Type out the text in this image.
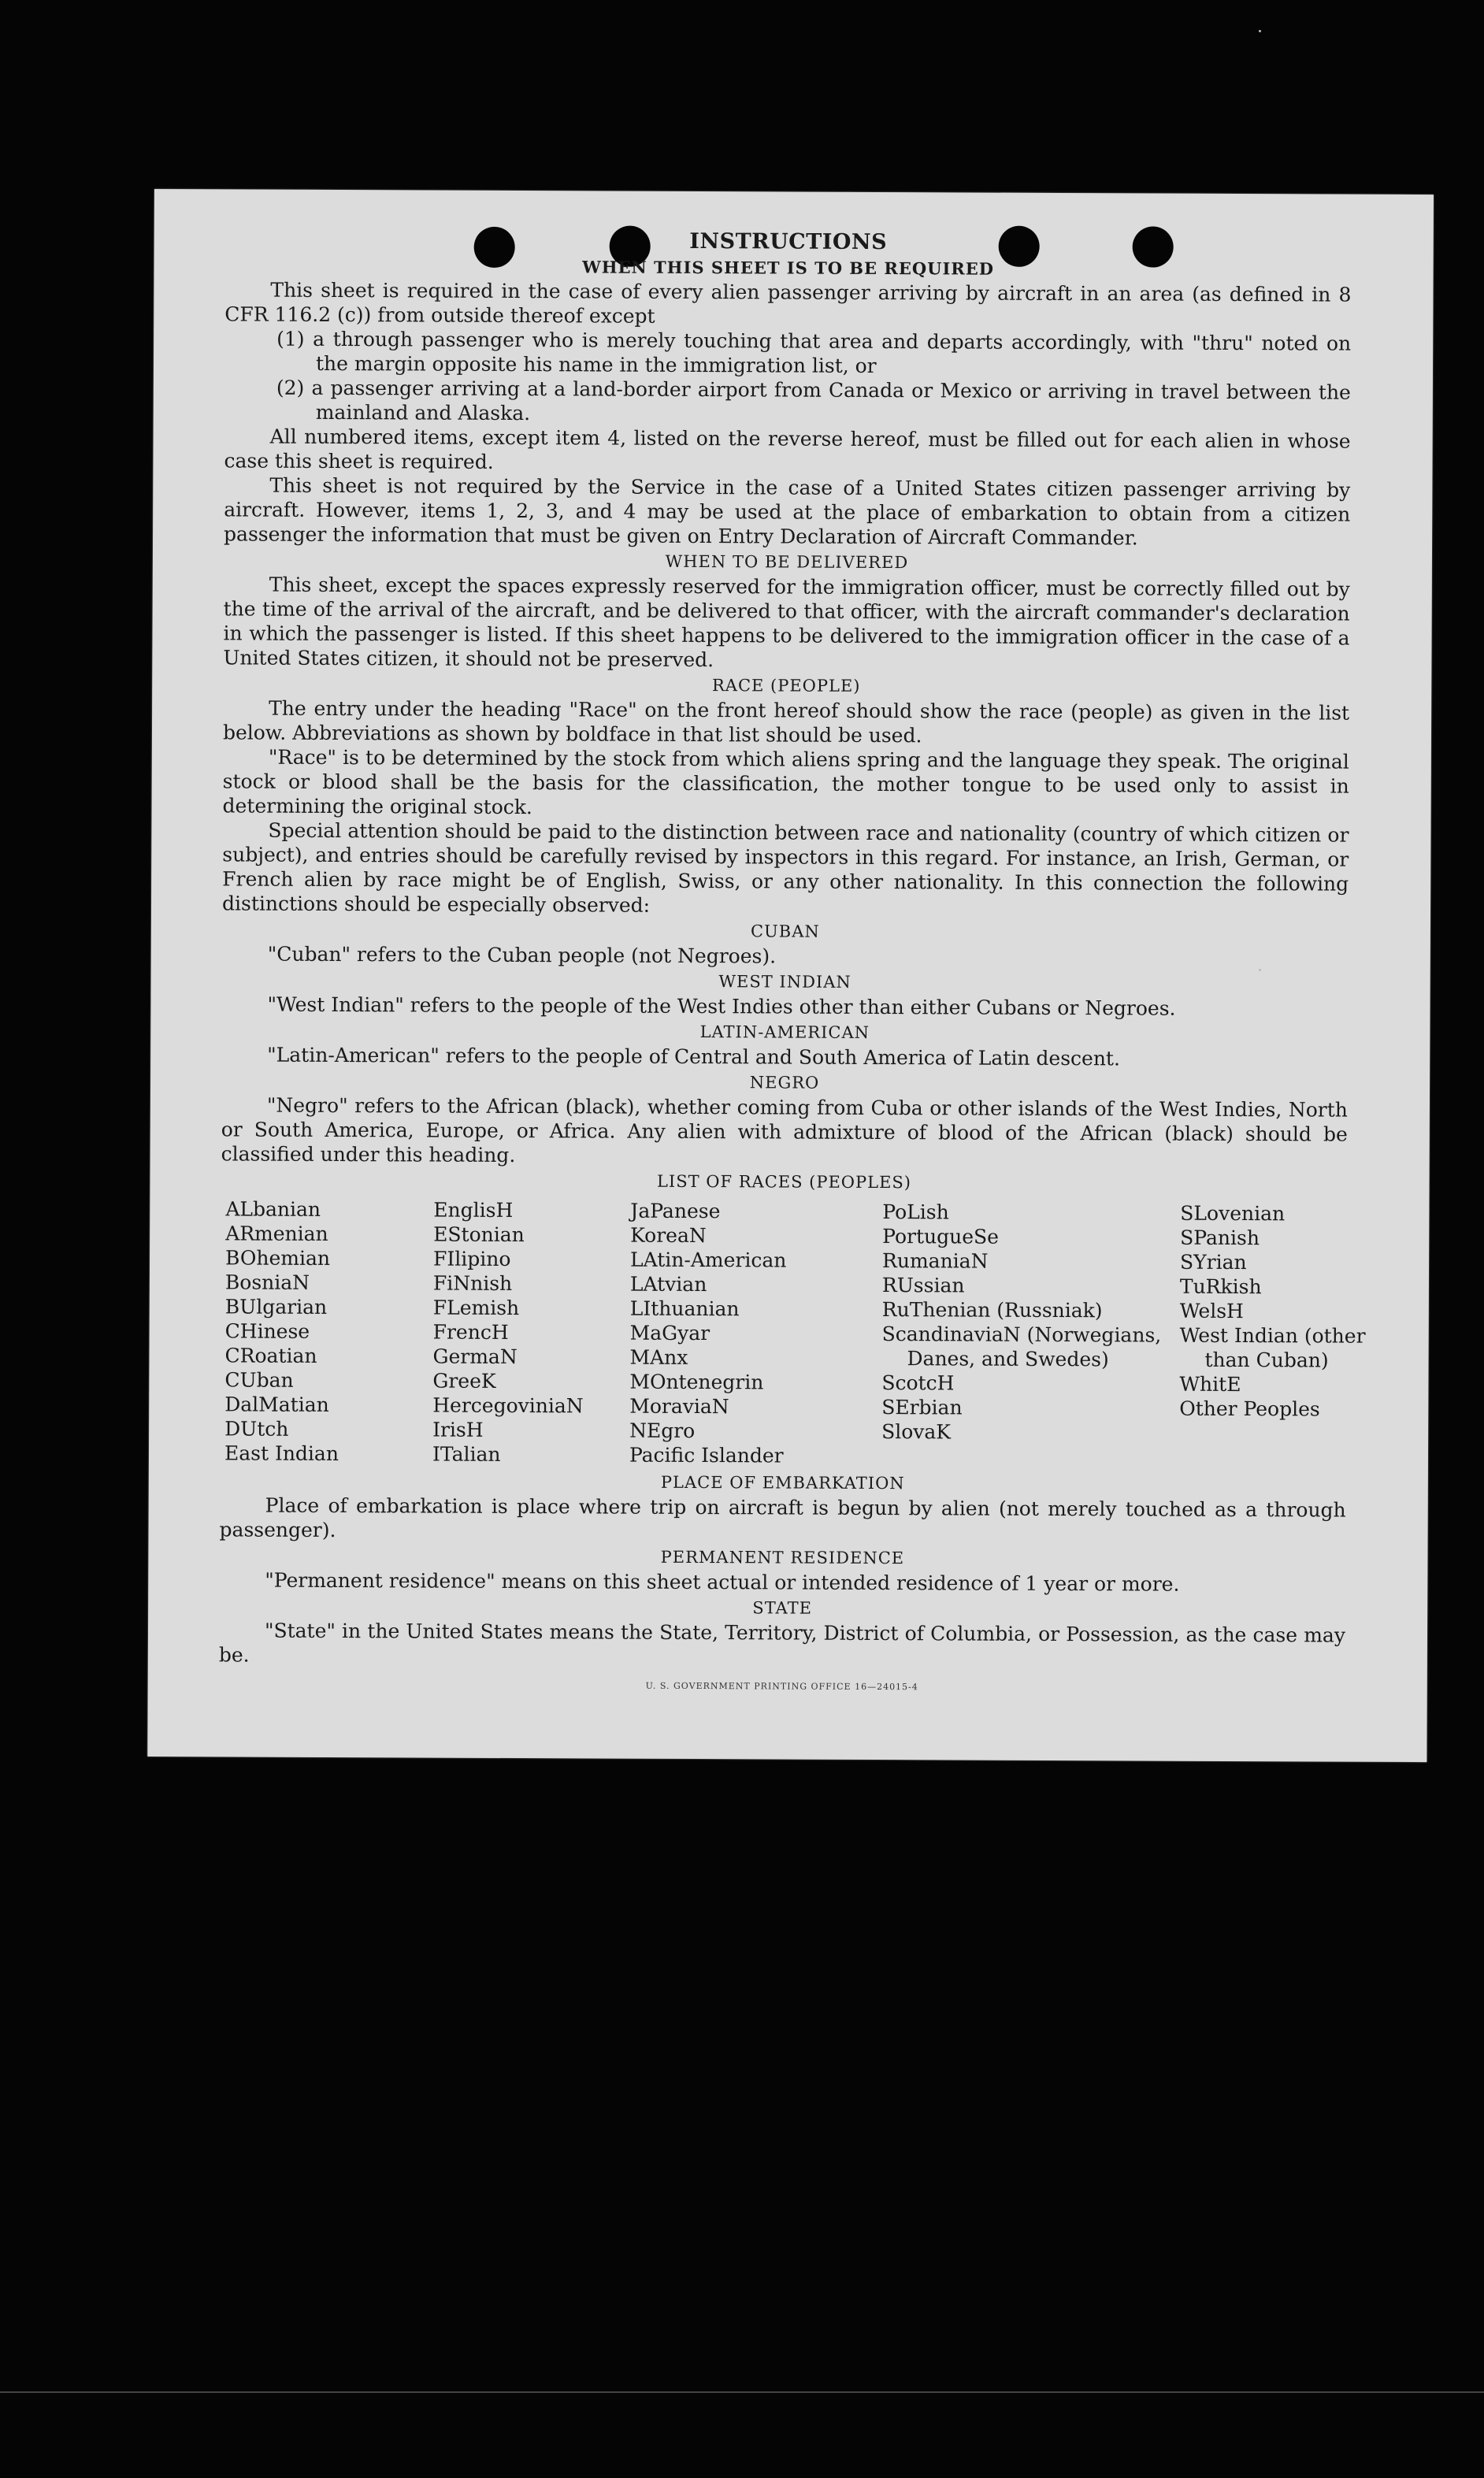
INSTRUCTIONS
WHEN THIS SHEET IS TO BE REQUIRED

This sheet is required in the case of every alien passenger arriving by aircraft in an area (as defined in 8 CFR 116.2 (c)) from outside thereof except

(1) a through passenger who is merely touching that area and departs accordingly, with "thru" noted on the margin opposite his name in the immigration list, or
(2) a passenger arriving at a land-border airport from Canada or Mexico or arriving in travel between the mainland and Alaska.

All numbered items, except item 4, listed on the reverse hereof, must be filled out for each alien in whose case this sheet is required.

This sheet is not required by the Service in the case of a United States citizen passenger arriving by aircraft. However, items 1, 2, 3, and 4 may be used at the place of embarkation to obtain from a citizen passenger the information that must be given on Entry Declaration of Aircraft Commander.

WHEN TO BE DELIVERED

This sheet, except the spaces expressly reserved for the immigration officer, must be correctly filled out by the time of the arrival of the aircraft, and be delivered to that officer, with the aircraft commander's declaration in which the passenger is listed. If this sheet happens to be delivered to the immigration officer in the case of a United States citizen, it should not be preserved.

RACE (PEOPLE)

The entry under the heading "Race" on the front hereof should show the race (people) as given in the list below. Abbreviations as shown by boldface in that list should be used.

"Race" is to be determined by the stock from which aliens spring and the language they speak. The original stock or blood shall be the basis for the classification, the mother tongue to be used only to assist in determining the original stock.

Special attention should be paid to the distinction between race and nationality (country of which citizen or subject), and entries should be carefully revised by inspectors in this regard. For instance, an Irish, German, or French alien by race might be of English, Swiss, or any other nationality. In this connection the following distinctions should be especially observed:

CUBAN

"Cuban" refers to the Cuban people (not Negroes).

WEST INDIAN

"West Indian" refers to the people of the West Indies other than either Cubans or Negroes.

LATIN-AMERICAN

"Latin-American" refers to the people of Central and South America of Latin descent.

NEGRO

"Negro" refers to the African (black), whether coming from Cuba or other islands of the West Indies, North or South America, Europe, or Africa. Any alien with admixture of blood of the African (black) should be classified under this heading.

LIST OF RACES (PEOPLES)
ALbanian
ARmenian
BOhemian
BosniaN
BUlgarian
CHinese
CRoatian
CUban
DalMatian
DUtch
East Indian
EnglisH
EStonian
FIlipino
FiNnish
FLemish
FrencH
GermaN
GreeK
HercegoviniaN
IrisH
ITalian
JaPanese
KoreaN
LAtin-American
LAtvian
LIthuanian
MaGyar
MAnx
MOntenegrin
MoraviaN
NEgro
Pacific Islander
PoLish
PortugueSe
RumaniaN
RUssian
RuThenian (Russniak)
ScandinaviaN (Norwegians, Danes, and Swedes)
ScotcH
SErbian
SlovaK
SLovenian
SPanish
SYrian
TuRkish
WelsH
West Indian (other than Cuban)
WhitE
Other Peoples
PLACE OF EMBARKATION

Place of embarkation is place where trip on aircraft is begun by alien (not merely touched as a through passenger).

PERMANENT RESIDENCE

"Permanent residence" means on this sheet actual or intended residence of 1 year or more.

STATE

"State" in the United States means the State, Territory, District of Columbia, or Possession, as the case may be.

U. S. GOVERNMENT PRINTING OFFICE 16—24015-4
